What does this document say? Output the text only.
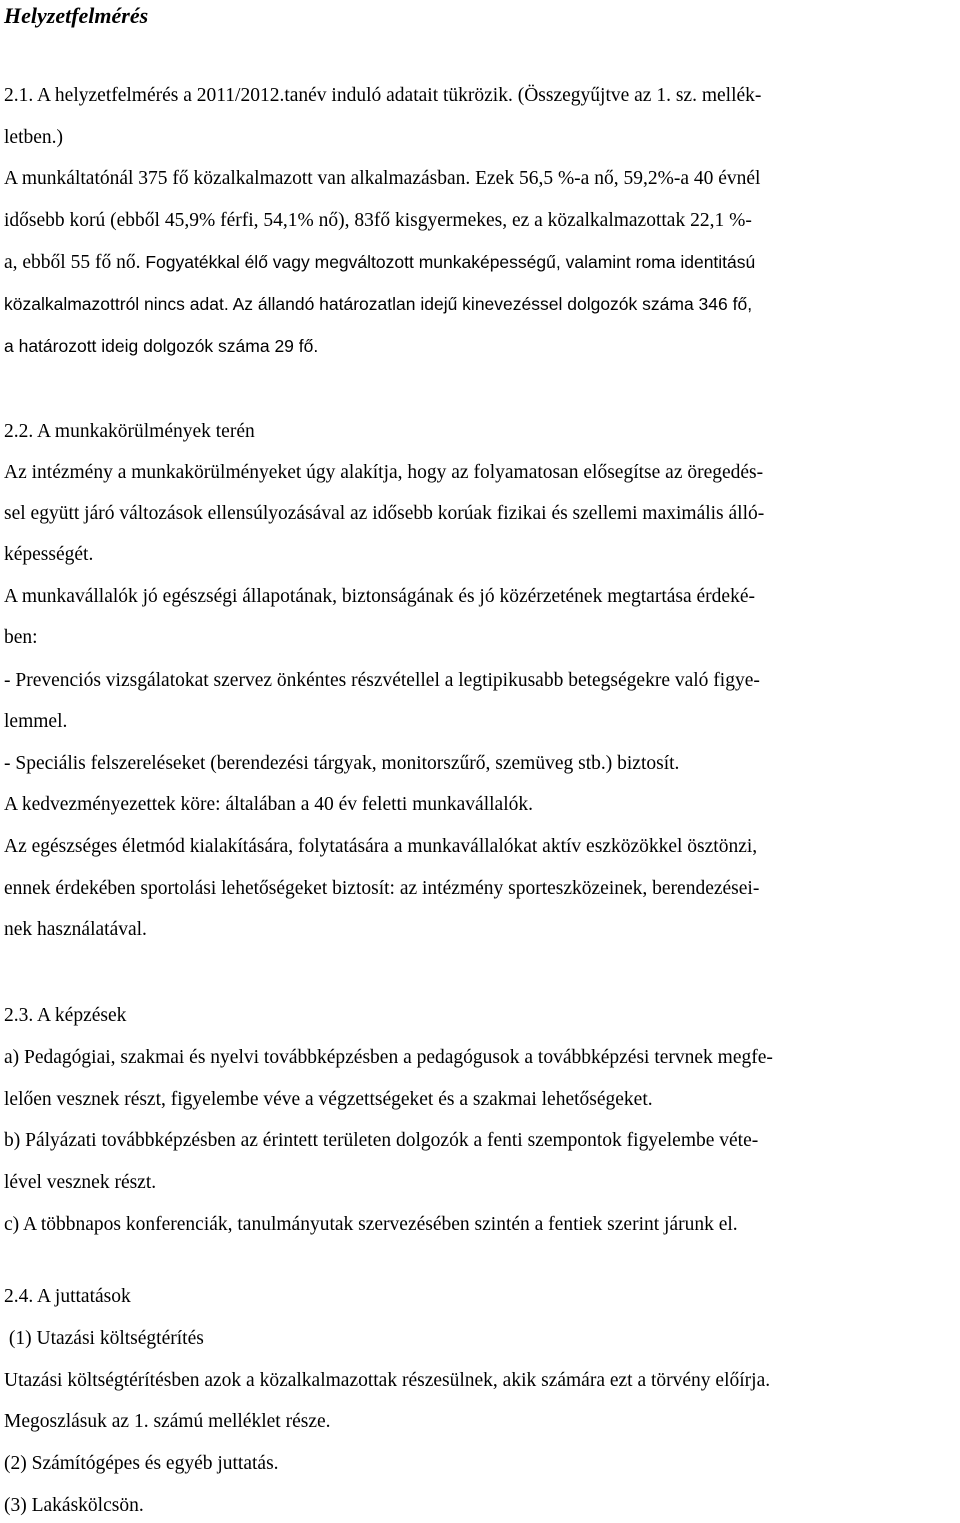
Helyzetfelmérés
2.1. A helyzetfelmérés a 2011/2012.tanév induló adatait tükrözik. (Összegyűjtve az 1. sz. mellék-
letben.)
A munkáltatónál 375 fő közalkalmazott van alkalmazásban. Ezek 56,5 %-a nő, 59,2%-a 40 évnél
idősebb korú (ebből 45,9% férfi, 54,1% nő), 83fő kisgyermekes, ez a közalkalmazottak 22,1 %-
a, ebből 55 fő nő. Fogyatékkal élő vagy megváltozott munkaképességű, valamint roma identitású
közalkalmazottról nincs adat. Az állandó határozatlan idejű kinevezéssel dolgozók száma 346 fő,
a határozott ideig dolgozók száma 29 fő.
2.2. A munkakörülmények terén
Az intézmény a munkakörülményeket úgy alakítja, hogy az folyamatosan elősegítse az öregedés-
sel együtt járó változások ellensúlyozásával az idősebb korúak fizikai és szellemi maximális álló-
képességét.
A munkavállalók jó egészségi állapotának, biztonságának és jó közérzetének megtartása érdeké-
ben:
- Prevenciós vizsgálatokat szervez önkéntes részvétellel a legtipikusabb betegségekre való figye-
lemmel.
- Speciális felszereléseket (berendezési tárgyak, monitorszűrő, szemüveg stb.) biztosít.
A kedvezményezettek köre: általában a 40 év feletti munkavállalók.
Az egészséges életmód kialakítására, folytatására a munkavállalókat aktív eszközökkel ösztönzi,
ennek érdekében sportolási lehetőségeket biztosít: az intézmény sporteszközeinek, berendezései-
nek használatával.
2.3. A képzések
a) Pedagógiai, szakmai és nyelvi továbbképzésben a pedagógusok a továbbképzési tervnek megfe-
lelően vesznek részt, figyelembe véve a végzettségeket és a szakmai lehetőségeket.
b) Pályázati továbbképzésben az érintett területen dolgozók a fenti szempontok figyelembe véte-
lével vesznek részt.
c) A többnapos konferenciák, tanulmányutak szervezésében szintén a fentiek szerint járunk el.
2.4. A juttatások
(1) Utazási költségtérítés
Utazási költségtérítésben azok a közalkalmazottak részesülnek, akik számára ezt a törvény előírja.
Megoszlásuk az 1. számú melléklet része.
(2) Számítógépes és egyéb juttatás.
(3) Lakáskölcsön.
